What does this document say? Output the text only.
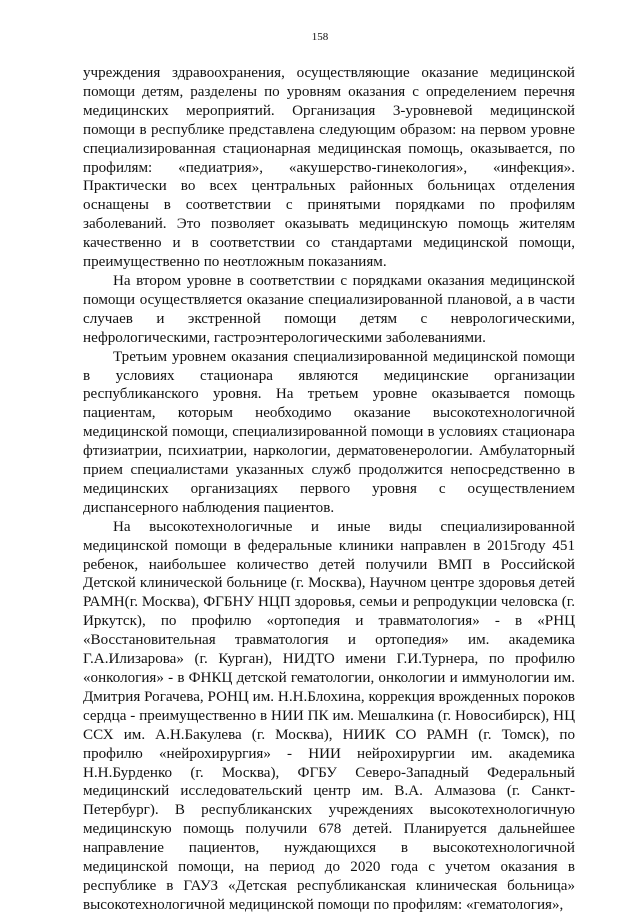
158

учреждения здравоохранения, осуществляющие оказание медицинской помощи детям, разделены по уровням оказания с определением перечня медицинских мероприятий. Организация 3-уровневой медицинской помощи в республике представлена следующим образом: на первом уровне специализированная стационарная медицинская помощь, оказывается, по профилям: «педиатрия», «акушерство-гинекология», «инфекция». Практически во всех центральных районных больницах отделения оснащены в соответствии с принятыми порядками по профилям заболеваний. Это позволяет оказывать медицинскую помощь жителям качественно и в соответствии со стандартами медицинской помощи, преимущественно по неотложным показаниям.

На втором уровне в соответствии с порядками оказания медицинской помощи осуществляется оказание специализированной плановой, а в части случаев и экстренной помощи детям с неврологическими, нефрологическими, гастроэнтерологическими заболеваниями.

Третьим уровнем оказания специализированной медицинской помощи в условиях стационара являются медицинские организации республиканского уровня. На третьем уровне оказывается помощь пациентам, которым необходимо оказание высокотехнологичной медицинской помощи, специализированной помощи в условиях стационара фтизиатрии, психиатрии, наркологии, дерматовенерологии. Амбулаторный прием специалистами указанных служб продолжится непосредственно в медицинских организациях первого уровня с осуществлением диспансерного наблюдения пациентов.

На высокотехнологичные и иные виды специализированной медицинской помощи в федеральные клиники направлен в 2015году 451 ребенок, наибольшее количество детей получили ВМП в Российской Детской клинической больнице (г. Москва), Научном центре здоровья детей РАМН(г. Москва), ФГБНУ НЦП здоровья, семьи и репродукции человска (г. Иркутск), по профилю «ортопедия и травматология» - в «РНЦ «Восстановительная травматология и ортопедия» им. академика Г.А.Илизарова» (г. Курган), НИДТО имени Г.И.Турнера, по профилю «онкология» - в ФНКЦ детской гематологии, онкологии и иммунологии им. Дмитрия Рогачева, РОНЦ им. Н.Н.Блохина, коррекция врожденных пороков сердца - преимущественно в НИИ ПК им. Мешалкина (г. Новосибирск), НЦ ССХ им. А.Н.Бакулева (г. Москва), НИИК СО РАМН (г. Томск), по профилю «нейрохирургия» - НИИ нейрохирургии им. академика Н.Н.Бурденко (г. Москва), ФГБУ Северо-Западный Федеральный медицинский исследовательский центр им. В.А. Алмазова (г. Санкт-Петербург). В республиканских учреждениях высокотехнологичную медицинскую помощь получили 678 детей. Планируется дальнейшее направление пациентов, нуждающихся в высокотехнологичной медицинской помощи, на период до 2020 года с учетом оказания в республике в ГАУЗ «Детская республиканская клиническая больница» высокотехнологичной медицинской помощи по профилям: «гематология»,
